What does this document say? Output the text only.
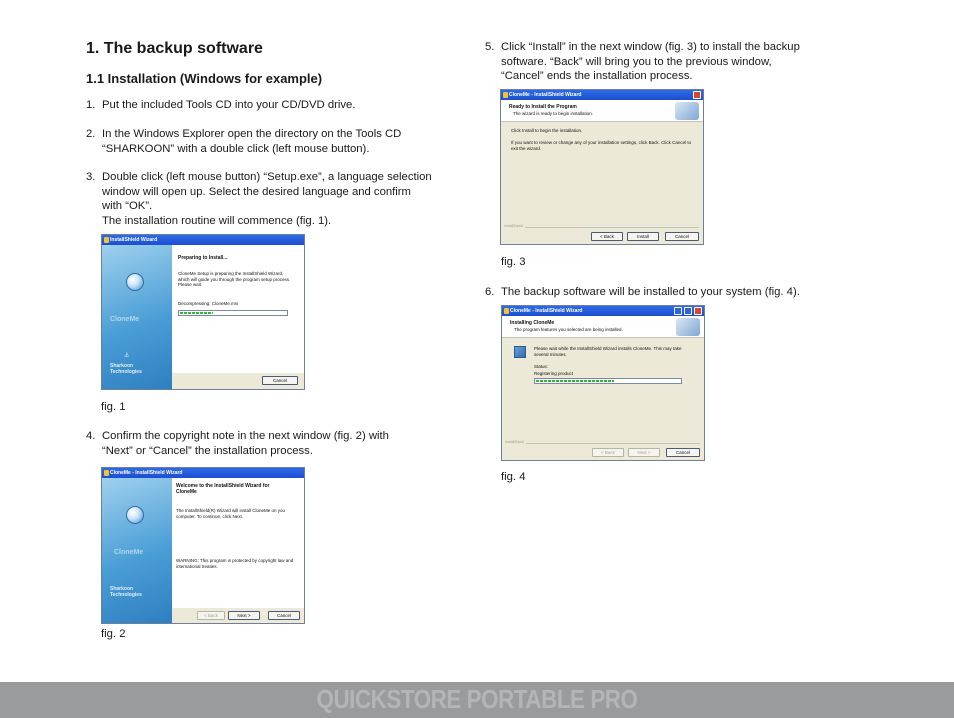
1. The backup software
1.1 Installation (Windows for example)
1. Put the included Tools CD into your CD/DVD drive.
2. In the Windows Explorer open the directory on the Tools CD
“SHARKOON” with a double click (left mouse button).
3. Double click (left mouse button) “Setup.exe”, a language selection
window will open up. Select the desired language and confirm
with “OK”.
The installation routine will commence (fig. 1).
InstallShield Wizard
CloneMe
⚓
Sharkoon
Technologies
Preparing to Install...
CloneMe Setup is preparing the InstallShield Wizard,
which will guide you through the program setup process.
Please wait.
Decompressing: CloneMe.msi
Cancel
fig. 1
4. Confirm the copyright note in the next window (fig. 2) with
“Next” or “Cancel” the installation process.
CloneMe - InstallShield Wizard
CloneMe
Sharkoon
Technologies
Welcome to the InstallShield Wizard for
CloneMe
The InstallShield(R) Wizard will install CloneMe on you
computer. To continue, click Next.
WARNING: This program is protected by copyright law and
international treaties.
< Back	Next >	Cancel
fig. 2
5. Click “Install” in the next window (fig. 3) to install the backup
software. “Back” will bring you to the previous window,
“Cancel” ends the installation process.
CloneMe - InstallShield Wizard
Ready to Install the Program
The wizard is ready to begin installation.
Click Install to begin the installation.
If you want to review or change any of your installation settings, click Back. Click Cancel to
exit the wizard.
InstallShield
< Back	Install	Cancel
fig. 3
6. The backup software will be installed to your system (fig. 4).
CloneMe - InstallShield Wizard
Installing CloneMe
The program features you selected are being installed.
Please wait while the InstallShield Wizard installs CloneMe. This may take
several minutes.
Status:
Registering product
InstallShield
< Back	Next >	Cancel
fig. 4
QUICKSTORE PORTABLE PRO
